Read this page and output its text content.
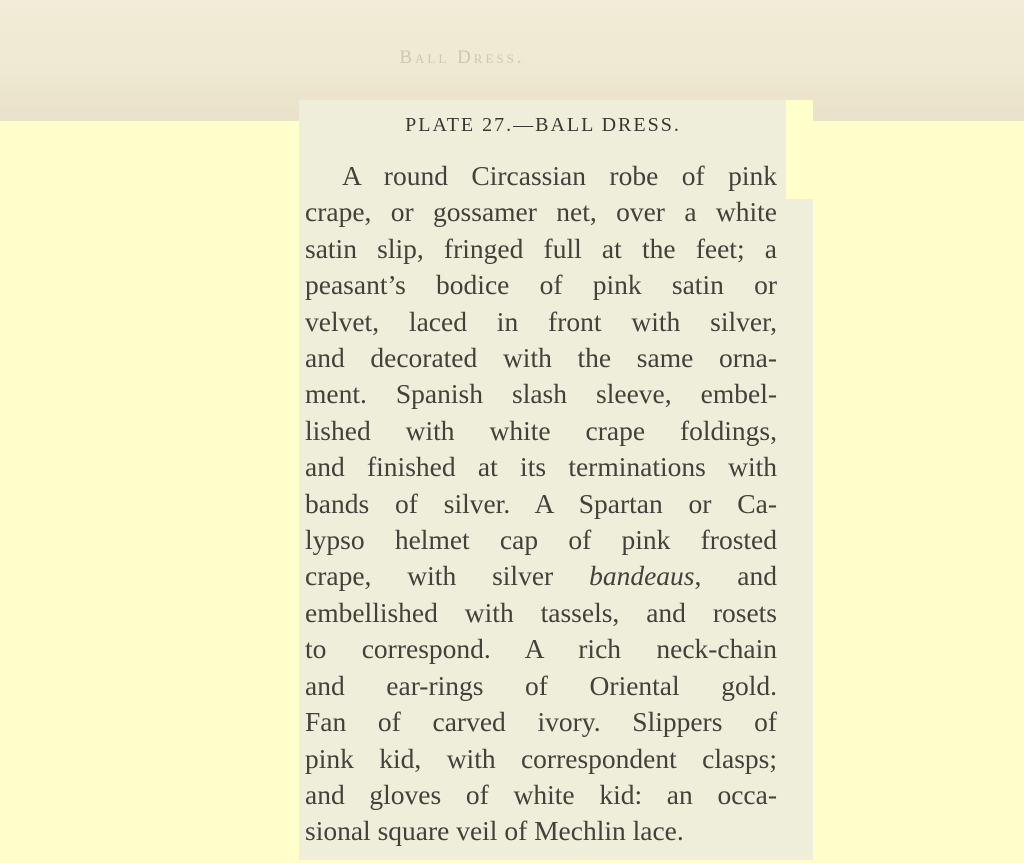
Ball Dress.
PLATE 27.—BALL DRESS.
A round Circassian robe of pink
crape, or gossamer net, over a white
satin slip, fringed full at the feet; a
peasant’s bodice of pink satin or
velvet, laced in front with silver,
and decorated with the same orna-
ment. Spanish slash sleeve, embel-
lished with white crape foldings,
and finished at its terminations with
bands of silver. A Spartan or Ca-
lypso helmet cap of pink frosted
crape, with silver bandeaus, and
embellished with tassels, and rosets
to correspond. A rich neck-chain
and ear-rings of Oriental gold.
Fan of carved ivory. Slippers of
pink kid, with correspondent clasps;
and gloves of white kid: an occa-
sional square veil of Mechlin lace.
